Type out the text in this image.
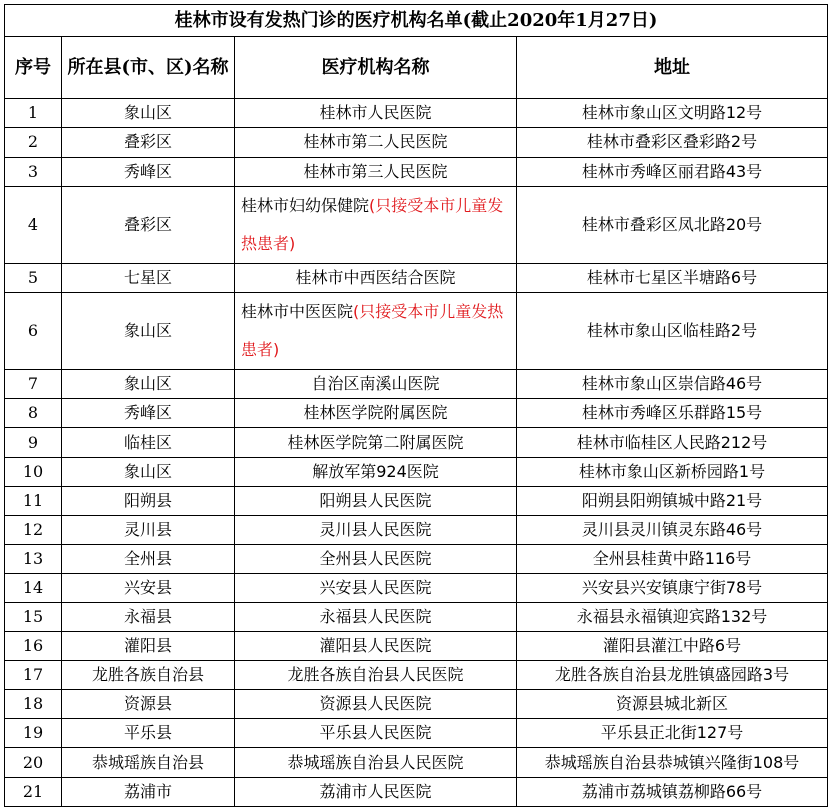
桂林市设有发热门诊的医疗机构名单(截止2020年1月27日)			
序号	所在县(市、区)名称	医疗机构名称	地址
1	象山区	桂林市人民医院	桂林市象山区文明路12号
2	叠彩区	桂林市第二人民医院	桂林市叠彩区叠彩路2号
3	秀峰区	桂林市第三人民医院	桂林市秀峰区丽君路43号
4	叠彩区	桂林市妇幼保健院(只接受本市儿童发热患者)	桂林市叠彩区凤北路20号
5	七星区	桂林市中西医结合医院	桂林市七星区半塘路6号
6	象山区	桂林市中医医院(只接受本市儿童发热患者)	桂林市象山区临桂路2号
7	象山区	自治区南溪山医院	桂林市象山区崇信路46号
8	秀峰区	桂林医学院附属医院	桂林市秀峰区乐群路15号
9	临桂区	桂林医学院第二附属医院	桂林市临桂区人民路212号
10	象山区	解放军第924医院	桂林市象山区新桥园路1号
11	阳朔县	阳朔县人民医院	阳朔县阳朔镇城中路21号
12	灵川县	灵川县人民医院	灵川县灵川镇灵东路46号
13	全州县	全州县人民医院	全州县桂黄中路116号
14	兴安县	兴安县人民医院	兴安县兴安镇康宁街78号
15	永福县	永福县人民医院	永福县永福镇迎宾路132号
16	灌阳县	灌阳县人民医院	灌阳县灌江中路6号
17	龙胜各族自治县	龙胜各族自治县人民医院	龙胜各族自治县龙胜镇盛园路3号
18	资源县	资源县人民医院	资源县城北新区
19	平乐县	平乐县人民医院	平乐县正北街127号
20	恭城瑶族自治县	恭城瑶族自治县人民医院	恭城瑶族自治县恭城镇兴隆街108号
21	荔浦市	荔浦市人民医院	荔浦市荔城镇荔柳路66号
